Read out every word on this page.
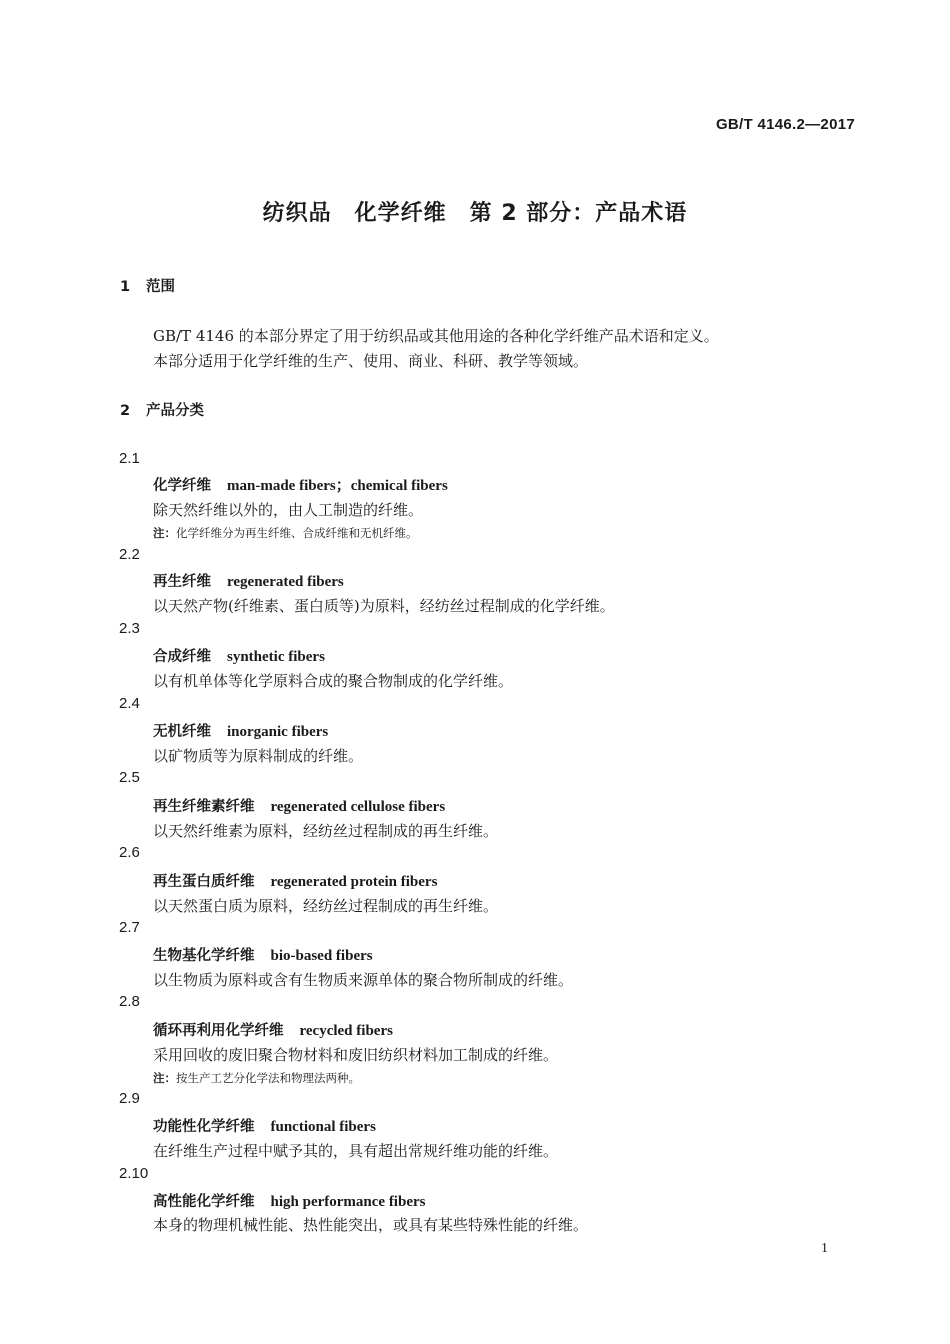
GB/T 4146.2—2017
纺织品　化学纤维　第 2 部分：产品术语
1 范围
GB/T 4146 的本部分界定了用于纺织品或其他用途的各种化学纤维产品术语和定义。
本部分适用于化学纤维的生产、使用、商业、科研、教学等领域。
2 产品分类
2.1
化学纤维 man-made fibers；chemical fibers
除天然纤维以外的，由人工制造的纤维。
注：化学纤维分为再生纤维、合成纤维和无机纤维。
2.2
再生纤维 regenerated fibers
以天然产物(纤维素、蛋白质等)为原料，经纺丝过程制成的化学纤维。
2.3
合成纤维 synthetic fibers
以有机单体等化学原料合成的聚合物制成的化学纤维。
2.4
无机纤维 inorganic fibers
以矿物质等为原料制成的纤维。
2.5
再生纤维素纤维 regenerated cellulose fibers
以天然纤维素为原料，经纺丝过程制成的再生纤维。
2.6
再生蛋白质纤维 regenerated protein fibers
以天然蛋白质为原料，经纺丝过程制成的再生纤维。
2.7
生物基化学纤维 bio-based fibers
以生物质为原料或含有生物质来源单体的聚合物所制成的纤维。
2.8
循环再利用化学纤维 recycled fibers
采用回收的废旧聚合物材料和废旧纺织材料加工制成的纤维。
注：按生产工艺分化学法和物理法两种。
2.9
功能性化学纤维 functional fibers
在纤维生产过程中赋予其的，具有超出常规纤维功能的纤维。
2.10
高性能化学纤维 high performance fibers
本身的物理机械性能、热性能突出，或具有某些特殊性能的纤维。
1
